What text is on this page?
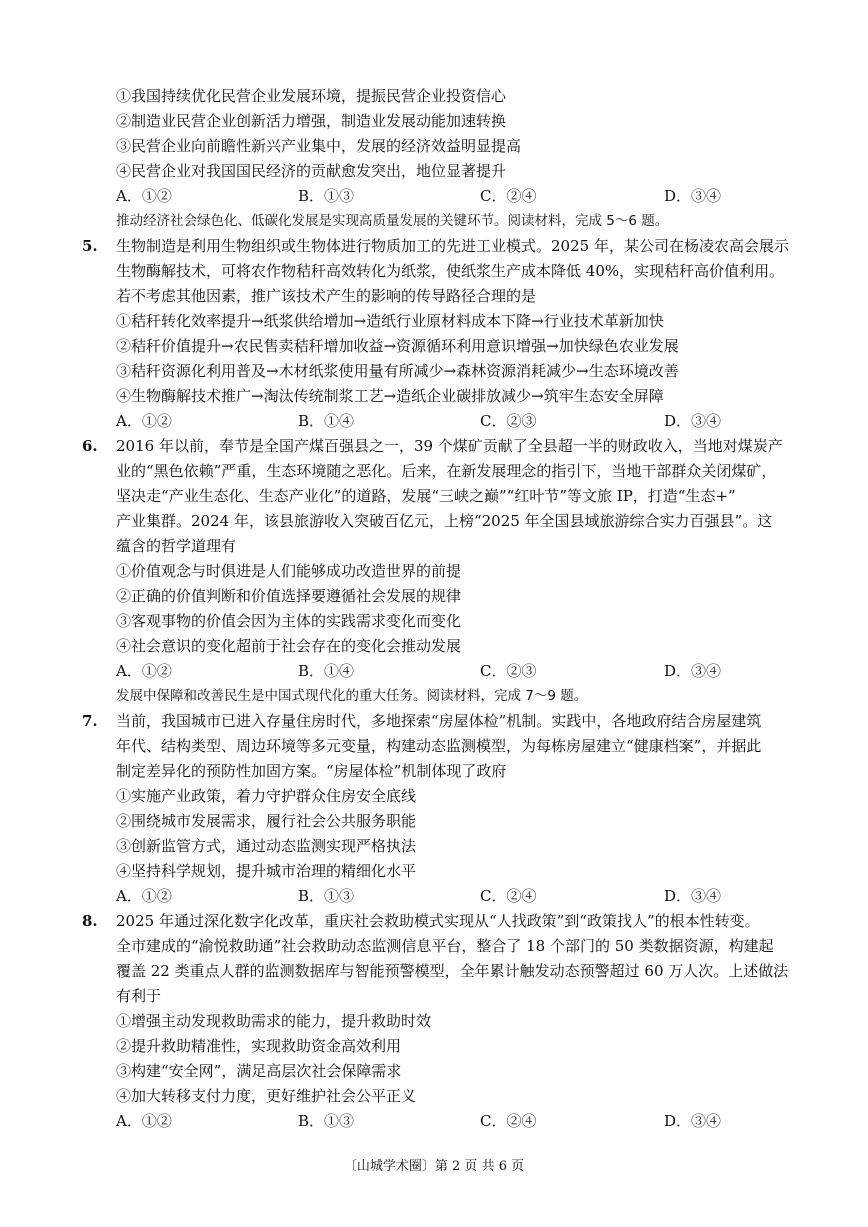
①我国持续优化民营企业发展环境，提振民营企业投资信心
②制造业民营企业创新活力增强，制造业发展动能加速转换
③民营企业向前瞻性新兴产业集中，发展的经济效益明显提高
④民营企业对我国国民经济的贡献愈发突出，地位显著提升
A．①②	B．①③	C．②④	D．③④
推动经济社会绿色化、低碳化发展是实现高质量发展的关键环节。阅读材料，完成 5～6 题。
5. 生物制造是利用生物组织或生物体进行物质加工的先进工业模式。2025 年，某公司在杨凌农高会展示
生物酶解技术，可将农作物秸秆高效转化为纸浆，使纸浆生产成本降低 40%，实现秸秆高价值利用。
若不考虑其他因素，推广该技术产生的影响的传导路径合理的是
①秸秆转化效率提升→纸浆供给增加→造纸行业原材料成本下降→行业技术革新加快
②秸秆价值提升→农民售卖秸秆增加收益→资源循环利用意识增强→加快绿色农业发展
③秸秆资源化利用普及→木材纸浆使用量有所减少→森林资源消耗减少→生态环境改善
④生物酶解技术推广→淘汰传统制浆工艺→造纸企业碳排放减少→筑牢生态安全屏障
A．①②	B．①④	C．②③	D．③④
6. 2016 年以前，奉节是全国产煤百强县之一，39 个煤矿贡献了全县超一半的财政收入，当地对煤炭产
业的“黑色依赖”严重，生态环境随之恶化。后来，在新发展理念的指引下，当地干部群众关闭煤矿，
坚决走“产业生态化、生态产业化”的道路，发展“三峡之巅”“红叶节”等文旅 IP，打造“生态+”
产业集群。2024 年，该县旅游收入突破百亿元，上榜“2025 年全国县域旅游综合实力百强县”。这
蕴含的哲学道理有
①价值观念与时俱进是人们能够成功改造世界的前提
②正确的价值判断和价值选择要遵循社会发展的规律
③客观事物的价值会因为主体的实践需求变化而变化
④社会意识的变化超前于社会存在的变化会推动发展
A．①②	B．①④	C．②③	D．③④
发展中保障和改善民生是中国式现代化的重大任务。阅读材料，完成 7～9 题。
7. 当前，我国城市已进入存量住房时代，多地探索“房屋体检”机制。实践中，各地政府结合房屋建筑
年代、结构类型、周边环境等多元变量，构建动态监测模型，为每栋房屋建立“健康档案”，并据此
制定差异化的预防性加固方案。“房屋体检”机制体现了政府
①实施产业政策，着力守护群众住房安全底线
②围绕城市发展需求，履行社会公共服务职能
③创新监管方式，通过动态监测实现严格执法
④坚持科学规划，提升城市治理的精细化水平
A．①②	B．①③	C．②④	D．③④
8. 2025 年通过深化数字化改革，重庆社会救助模式实现从“人找政策”到“政策找人”的根本性转变。
全市建成的“渝悦救助通”社会救助动态监测信息平台，整合了 18 个部门的 50 类数据资源，构建起
覆盖 22 类重点人群的监测数据库与智能预警模型，全年累计触发动态预警超过 60 万人次。上述做法
有利于
①增强主动发现救助需求的能力，提升救助时效
②提升救助精准性，实现救助资金高效利用
③构建“安全网”，满足高层次社会保障需求
④加大转移支付力度，更好维护社会公平正义
A．①②	B．①③	C．②④	D．③④
〔山城学术圈〕第 2 页 共 6 页
